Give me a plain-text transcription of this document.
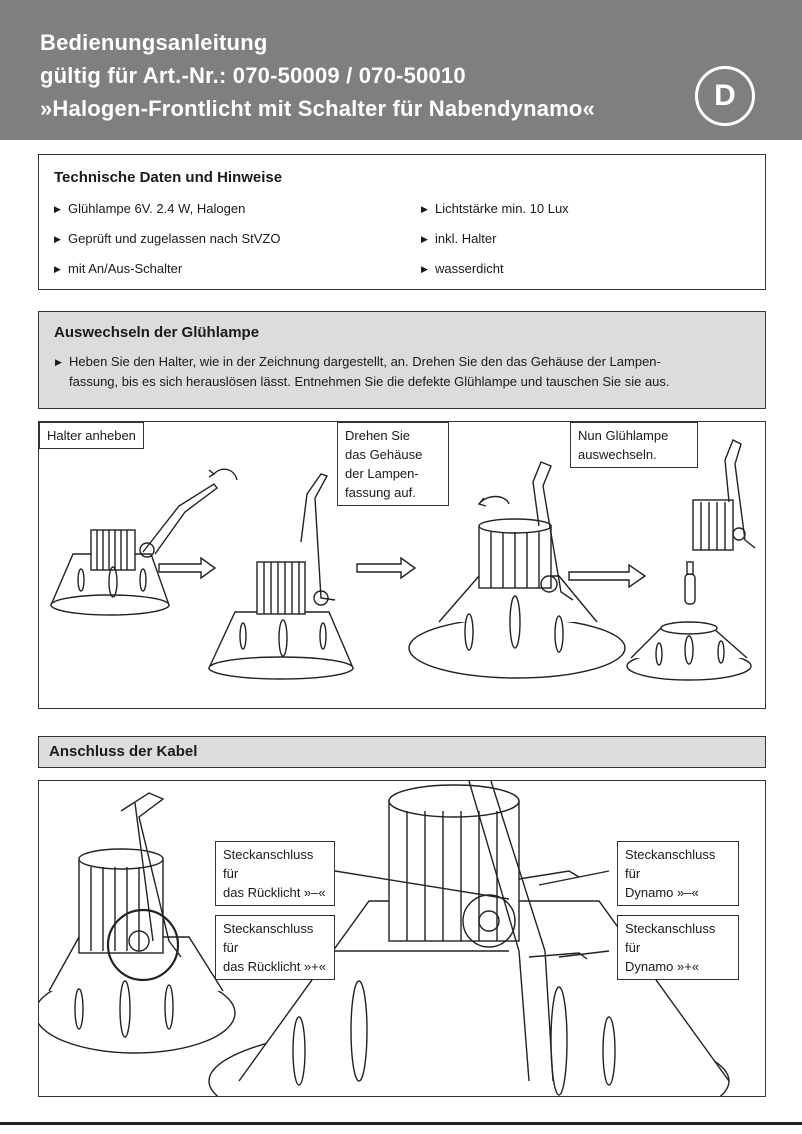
Bedienungsanleitung
gültig für Art.-Nr.: 070-50009 / 070-50010
»Halogen-Frontlicht mit Schalter für Nabendynamo«	D
Technische Daten und Hinweise
▶ Glühlampe 6V. 2.4 W, Halogen
▶ Geprüft und zugelassen nach StVZO
▶ mit An/Aus-Schalter
▶ Lichtstärke min. 10 Lux
▶ inkl. Halter
▶ wasserdicht
Auswechseln der Glühlampe
▶ Heben Sie den Halter, wie in der Zeichnung dargestellt, an. Drehen Sie den das Gehäuse der Lampen-

fassung, bis es sich herauslösen lässt. Entnehmen Sie die defekte Glühlampe und tauschen Sie sie aus.

Halter anheben	Drehen Sie
das Gehäuse
der Lampen-
fassung auf.
Nun Glühlampe
auswechseln.
Anschluss der Kabel
Steckanschluss für
das Rücklicht »–«
Steckanschluss für
das Rücklicht »+«
Steckanschluss für
Dynamo »–«
Steckanschluss für
Dynamo »+«
